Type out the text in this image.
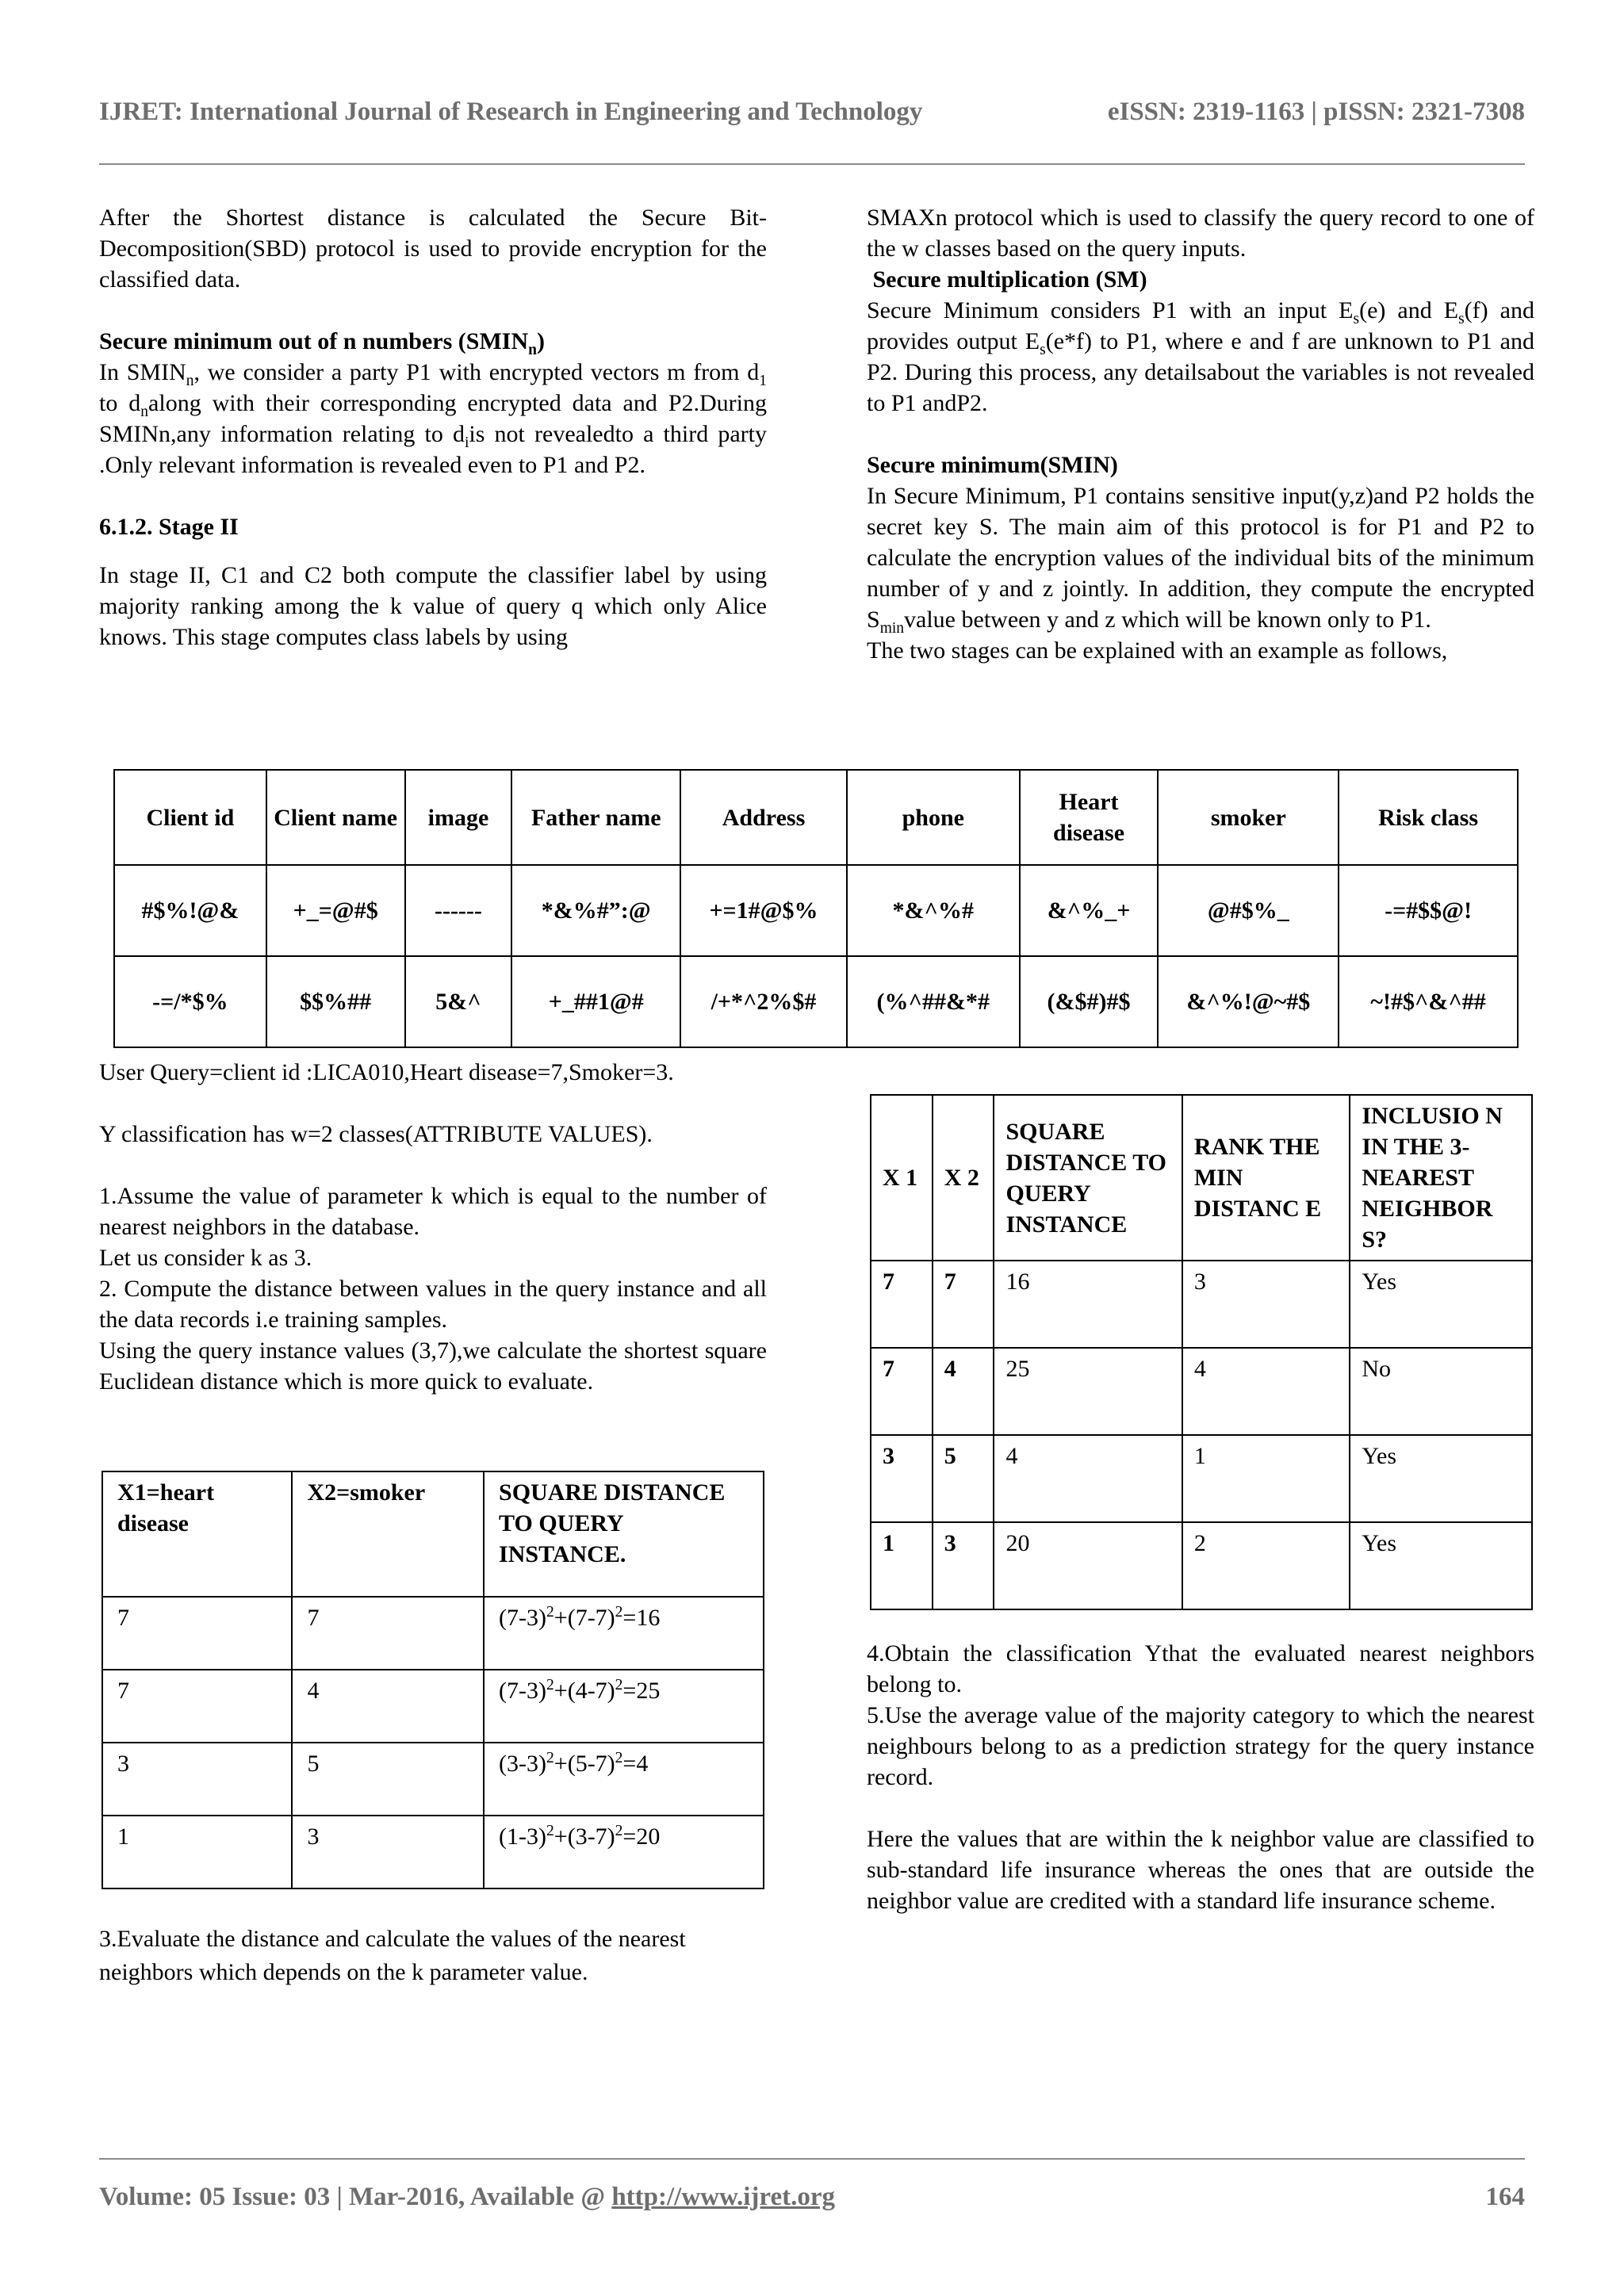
IJRET: International Journal of Research in Engineering and Technology	eISSN: 2319-1163 | pISSN: 2321-7308

After the Shortest distance is calculated the Secure Bit-Decomposition(SBD) protocol is used to provide encryption for the classified data.

Secure minimum out of n numbers $(SMIN_n)$

In $SMIN_n$, we consider a party P1 with encrypted vectors m from $d_1$ to $d_nalong$ with their corresponding encrypted data and P2.During SMINn,any information relating to $d_iis$ not revealedto a third party .Only relevant information is revealed even to P1 and P2.

6.1.2. Stage II

In stage II, C1 and C2 both compute the classifier label by using majority ranking among the k value of query q which only Alice knows. This stage computes class labels by using

SMAXn protocol which is used to classify the query record to one of the w classes based on the query inputs.

Secure multiplication (SM)

Secure Minimum considers P1 with an input $E_s(e)$ and $E_s(f)$ and provides output $E_s(e*f)$ to P1, where e and f are unknown to P1 and P2. During this process, any detailsabout the variables is not revealed to P1 andP2.

Secure minimum(SMIN)

In Secure Minimum, P1 contains sensitive input(y,z)and P2 holds the secret key S. The main aim of this protocol is for P1 and P2 to calculate the encryption values of the individual bits of the minimum number of y and z jointly. In addition, they compute the encrypted $S_{min}value$ between y and z which will be known only to P1.

The two stages can be explained with an example as follows,

Client id	Client name	image	Father name	Address	phone	Heart disease	smoker	Risk class
#$%!@&	+_=@#$	------	*&%#”:@	+=1#@$%	*&^%#	&^%_+	@#$%_	-=#$$@!
-=/*$%	$$%##	5&^	+_##1@#	/+*^2%$#	(%^##&*#	(&$#)#$	&^%!@~#$	~!#$^&^##

User Query=client id :LICA010,Heart disease=7,Smoker=3.

Y classification has w=2 classes(ATTRIBUTE VALUES).

1.Assume the value of parameter k which is equal to the number of nearest neighbors in the database.

Let us consider k as 3.

2. Compute the distance between values in the query instance and all the data records i.e training samples.

Using the query instance values (3,7),we calculate the shortest square Euclidean distance which is more quick to evaluate.

X1=heart disease	X2=smoker	SQUARE DISTANCE TO QUERY INSTANCE.
7	7	$(7-3)^2+(7-7)^2=16$
7	4	$(7-3)^2+(4-7)^2=25$
3	5	$(3-3)^2+(5-7)^2=4$
1	3	$(1-3)^2+(3-7)^2=20$

3.Evaluate the distance and calculate the values of the nearest neighbors which depends on the k parameter value.

X 1	X 2	SQUARE DISTANCE TO QUERY INSTANCE	RANK THE MIN DISTANC E	INCLUSIO N IN THE 3-NEAREST NEIGHBOR S?
7	7	16	3	Yes
7	4	25	4	No
3	5	4	1	Yes
1	3	20	2	Yes

4.Obtain the classification Ythat the evaluated nearest neighbors belong to.

5.Use the average value of the majority category to which the nearest neighbours belong to as a prediction strategy for the query instance record.

Here the values that are within the k neighbor value are classified to sub-standard life insurance whereas the ones that are outside the neighbor value are credited with a standard life insurance scheme.

Volume: 05 Issue: 03 | Mar-2016, Available @ http://www.ijret.org	164
